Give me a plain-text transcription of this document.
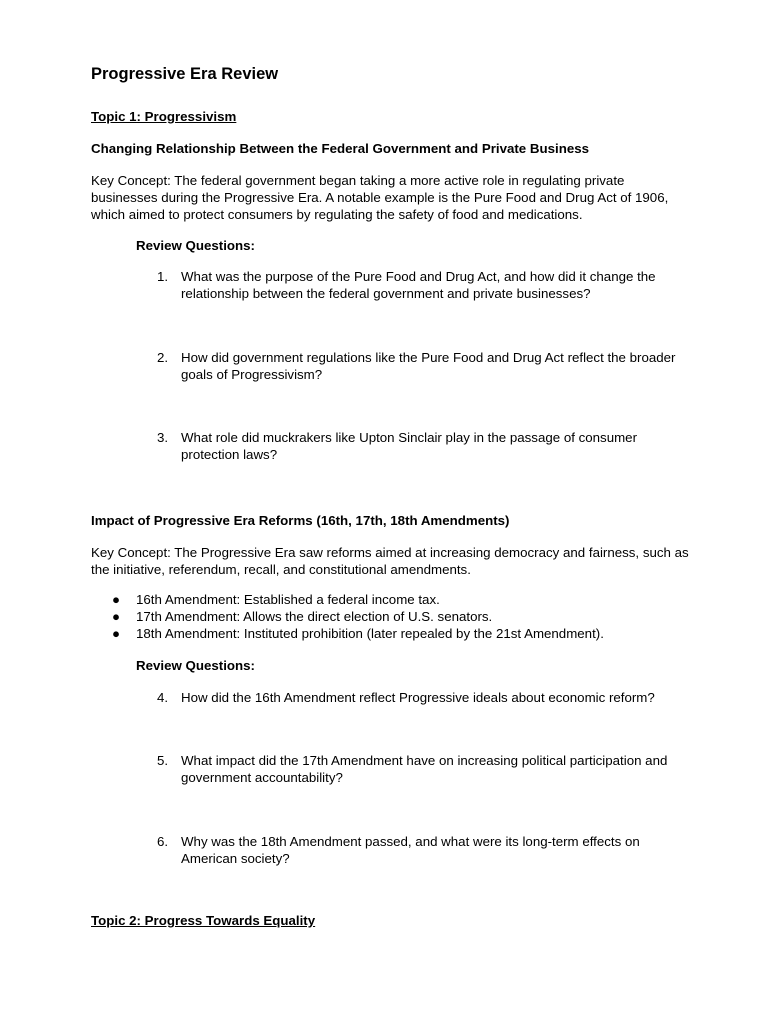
Progressive Era Review
Topic 1: Progressivism
Changing Relationship Between the Federal Government and Private Business

Key Concept: The federal government began taking a more active role in regulating private businesses during the Progressive Era. A notable example is the Pure Food and Drug Act of 1906, which aimed to protect consumers by regulating the safety of food and medications.

Review Questions:
1. What was the purpose of the Pure Food and Drug Act, and how did it change the relationship between the federal government and private businesses?
2. How did government regulations like the Pure Food and Drug Act reflect the broader goals of Progressivism?
3. What role did muckrakers like Upton Sinclair play in the passage of consumer protection laws?
Impact of Progressive Era Reforms (16th, 17th, 18th Amendments)

Key Concept: The Progressive Era saw reforms aimed at increasing democracy and fairness, such as the initiative, referendum, recall, and constitutional amendments.

●	16th Amendment: Established a federal income tax.
●	17th Amendment: Allows the direct election of U.S. senators.
●	18th Amendment: Instituted prohibition (later repealed by the 21st Amendment).
Review Questions:
4. How did the 16th Amendment reflect Progressive ideals about economic reform?
5. What impact did the 17th Amendment have on increasing political participation and government accountability?
6. Why was the 18th Amendment passed, and what were its long-term effects on American society?
Topic 2: Progress Towards Equality
